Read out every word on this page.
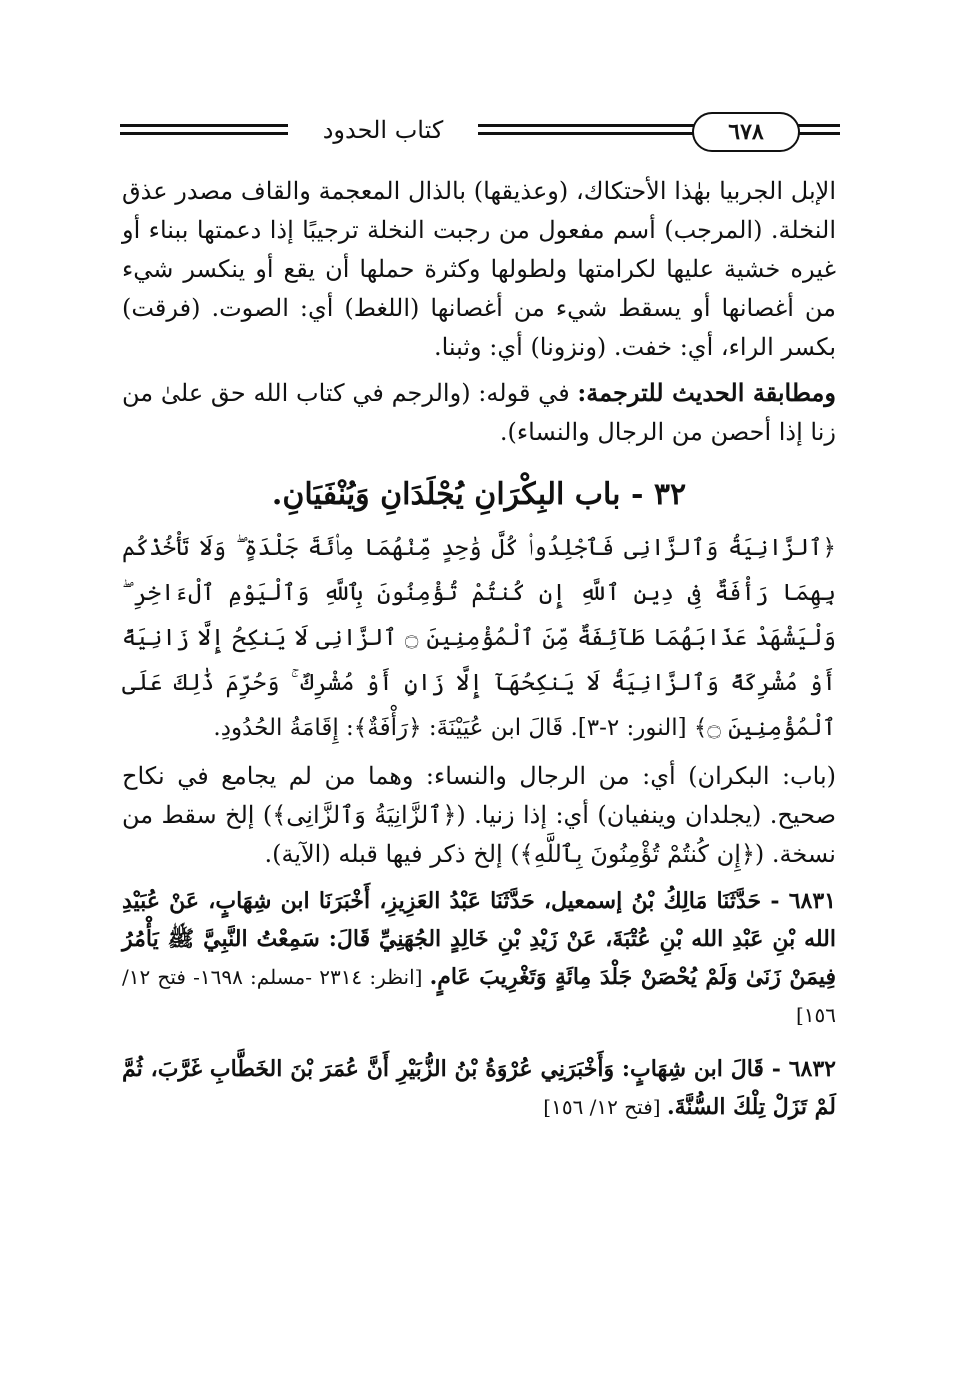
كتاب الحدود	٦٧٨

الإبل الجربيا بهٰذا الأحتكاك، (وعذيقها) بالذال المعجمة والقاف مصدر عذق النخلة. (المرجب) أسم مفعول من رجبت النخلة ترجيبًا إذا دعمتها ببناء أو غيره خشية عليها لكرامتها ولطولها وكثرة حملها أن يقع أو ينكسر شيء من أغصانها أو يسقط شيء من أغصانها (اللغط) أي: الصوت. (فرقت) بكسر الراء، أي: خفت. (ونزونا) أي: وثبنا.

ومطابقة الحديث للترجمة: في قوله: (والرجم في كتاب الله حق علىٰ من زنا إذا أحصن من الرجال والنساء).

٣٢ - باب البِكْرَانِ يُجْلَدَانِ وَيُنْفَيَانِ.

﴿ٱلزَّانِيَةُ وَٱلزَّانِى فَٱجْلِدُوا۟ كُلَّ وَٰحِدٍ مِّنْهُمَا مِا۟ئَةَ جَلْدَةٍ ۖ وَلَا تَأْخُذْكُم بِهِمَا رَأْفَةٌ فِى دِينِ ٱللَّهِ إِن كُنتُمْ تُؤْمِنُونَ بِٱللَّهِ وَٱلْيَوْمِ ٱلْءَاخِرِ ۖ وَلْيَشْهَدْ عَذَابَهُمَا طَآئِفَةٌ مِّنَ ٱلْمُؤْمِنِينَ ۝ ٱلزَّانِى لَا يَنكِحُ إِلَّا زَانِيَةً أَوْ مُشْرِكَةً وَٱلزَّانِيَةُ لَا يَنكِحُهَآ إِلَّا زَانٍ أَوْ مُشْرِكٌ ۚ وَحُرِّمَ ذَٰلِكَ عَلَى ٱلْمُؤْمِنِينَ ۝﴾ [النور: ٢-٣]. قَالَ ابن عُيَيْنَةَ: ﴿رَأْفَةٌ﴾: إِقَامَةُ الحُدُودِ.

(باب: البكران) أي: من الرجال والنساء: وهما من لم يجامع في نكاح صحيح. (يجلدان وينفيان) أي: إذا زنيا. (﴿ٱلزَّانِيَةُ وَٱلزَّانِى﴾) إلخ سقط من نسخة. (﴿إِن كُنتُمْ تُؤْمِنُونَ بِٱللَّهِ﴾) إلخ ذكر فيها قبله (الآية).

٦٨٣١ - حَدَّثَنَا مَالِكُ بْنُ إسمعيل، حَدَّثَنَا عَبْدُ العَزِيزِ، أَخْبَرَنَا ابن شِهَابٍ، عَنْ عُبَيْدِ الله بْنِ عَبْدِ الله بْنِ عُتْبَةَ، عَنْ زَيْدِ بْنِ خَالِدٍ الجُهَنِيِّ قَالَ: سَمِعْتُ النَّبِيَّ ﷺ يَأْمُرُ فِيمَنْ زَنَىٰ وَلَمْ يُحْصَنْ جَلْدَ مِائَةٍ وَتَغْرِيبَ عَامٍ. [انظر: ٢٣١٤ -مسلم: ١٦٩٨- فتح ١٢/ ١٥٦]

٦٨٣٢ - قَالَ ابن شِهَابٍ: وَأَخْبَرَنِي عُرْوَةُ بْنُ الزُّبَيْرِ أَنَّ عُمَرَ بْنَ الخَطَّابِ غَرَّبَ، ثُمَّ لَمْ تَزَلْ تِلْكَ السُّنَّةَ. [فتح ١٢/ ١٥٦]
